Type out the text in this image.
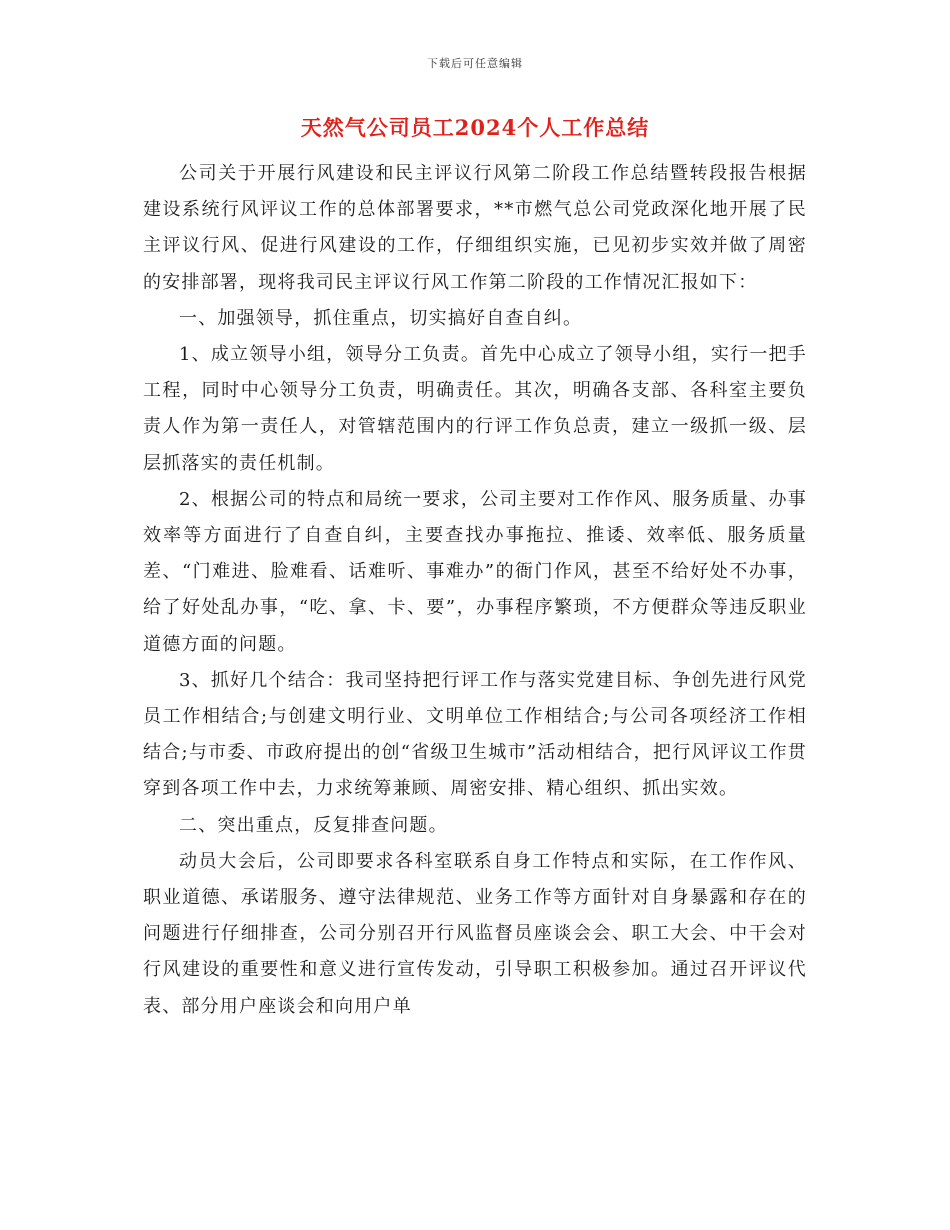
下载后可任意编辑
天然气公司员工2024个人工作总结

公司关于开展行风建设和民主评议行风第二阶段工作总结暨转段报告根据建设系统行风评议工作的总体部署要求，**市燃气总公司党政深化地开展了民主评议行风、促进行风建设的工作，仔细组织实施，已见初步实效并做了周密的安排部署，现将我司民主评议行风工作第二阶段的工作情况汇报如下：

一、加强领导，抓住重点，切实搞好自查自纠。

1、成立领导小组，领导分工负责。首先中心成立了领导小组，实行一把手工程，同时中心领导分工负责，明确责任。其次，明确各支部、各科室主要负责人作为第一责任人，对管辖范围内的行评工作负总责，建立一级抓一级、层层抓落实的责任机制。

2、根据公司的特点和局统一要求，公司主要对工作作风、服务质量、办事效率等方面进行了自查自纠，主要查找办事拖拉、推诿、效率低、服务质量差、“门难进、脸难看、话难听、事难办”的衙门作风，甚至不给好处不办事，给了好处乱办事，“吃、拿、卡、要”，办事程序繁琐，不方便群众等违反职业道德方面的问题。

3、抓好几个结合：我司坚持把行评工作与落实党建目标、争创先进行风党员工作相结合;与创建文明行业、文明单位工作相结合;与公司各项经济工作相结合;与市委、市政府提出的创“省级卫生城市”活动相结合，把行风评议工作贯穿到各项工作中去，力求统筹兼顾、周密安排、精心组织、抓出实效。

二、突出重点，反复排查问题。

动员大会后，公司即要求各科室联系自身工作特点和实际，在工作作风、职业道德、承诺服务、遵守法律规范、业务工作等方面针对自身暴露和存在的问题进行仔细排查，公司分别召开行风监督员座谈会会、职工大会、中干会对行风建设的重要性和意义进行宣传发动，引导职工积极参加。通过召开评议代表、部分用户座谈会和向用户单
